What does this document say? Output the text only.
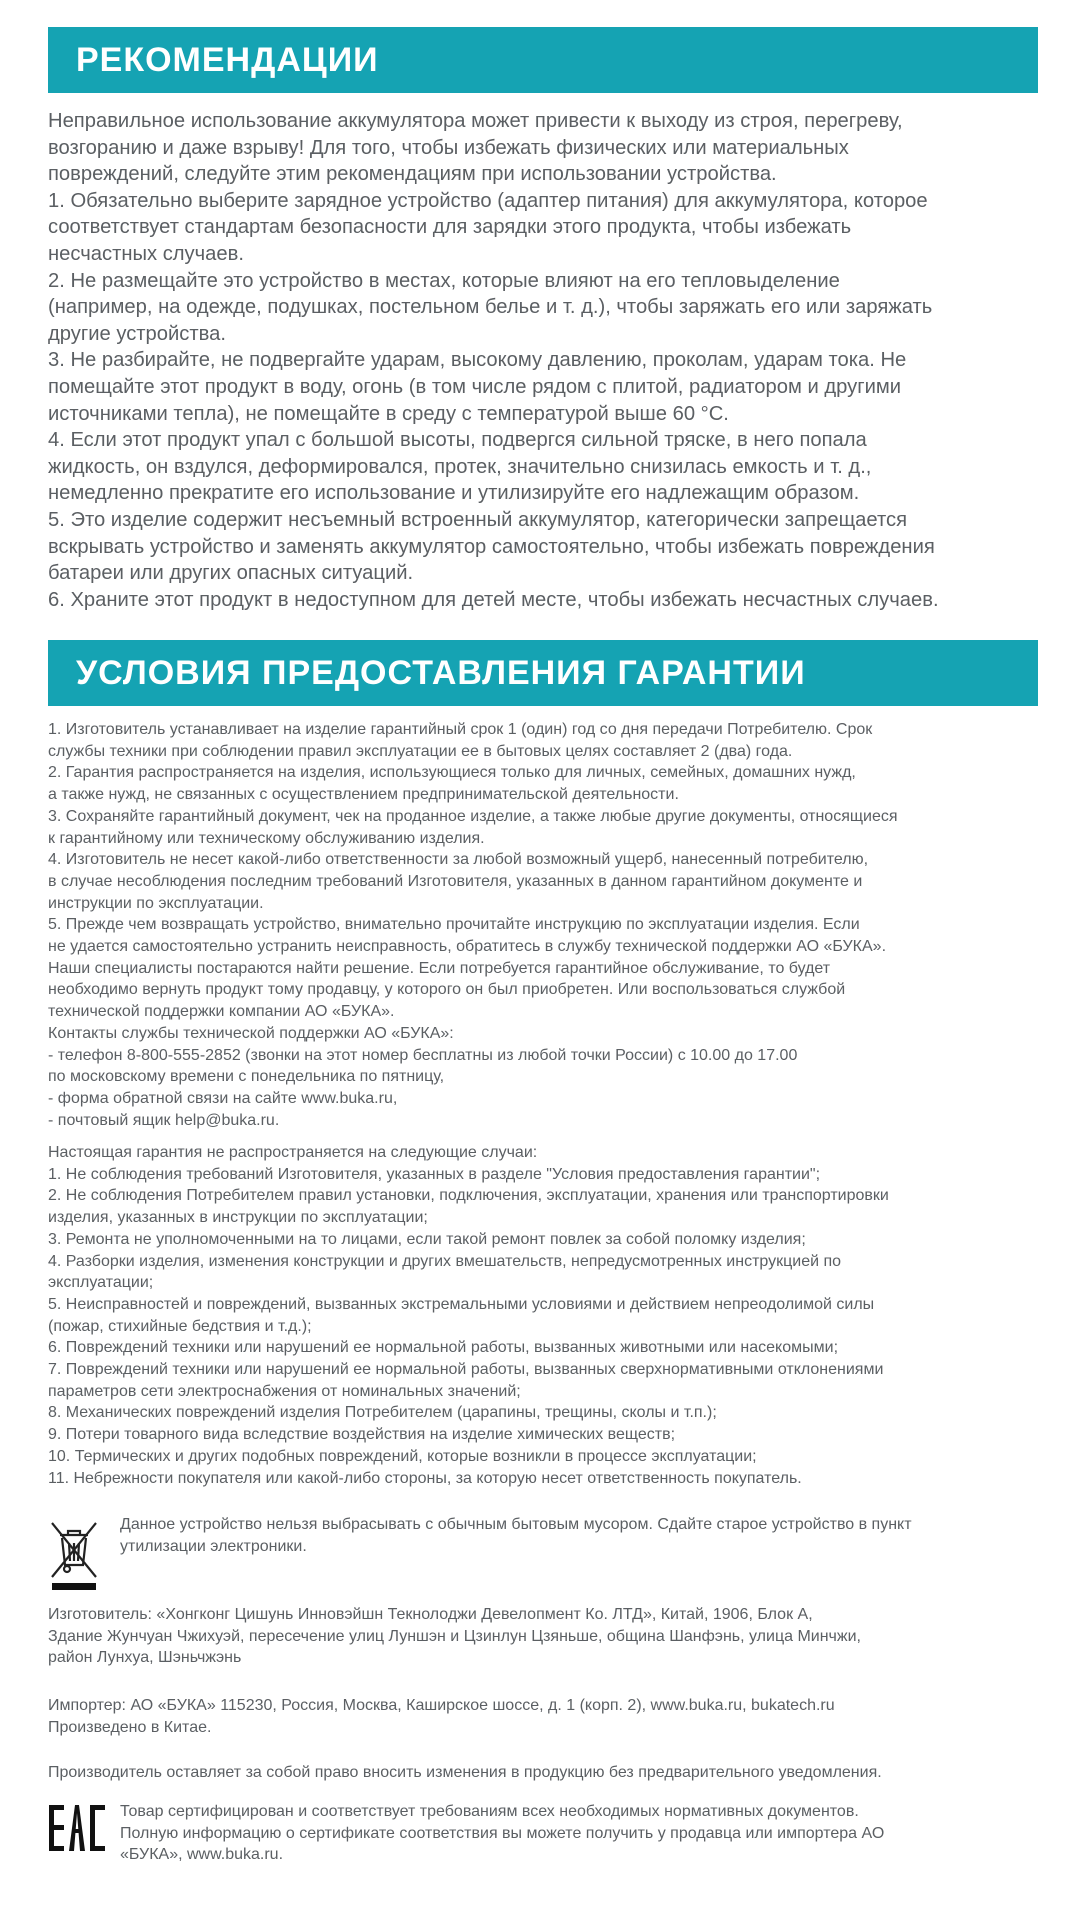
РЕКОМЕНДАЦИИ
Неправильное использование аккумулятора может привести к выходу из строя, перегреву,
возгоранию и даже взрыву! Для того, чтобы избежать физических или материальных
повреждений, следуйте этим рекомендациям при использовании устройства.
1. Обязательно выберите зарядное устройство (адаптер питания) для аккумулятора, которое
соответствует стандартам безопасности для зарядки этого продукта, чтобы избежать
несчастных случаев.
2. Не размещайте это устройство в местах, которые влияют на его тепловыделение
(например, на одежде, подушках, постельном белье и т. д.), чтобы заряжать его или заряжать
другие устройства.
3. Не разбирайте, не подвергайте ударам, высокому давлению, проколам, ударам тока. Не
помещайте этот продукт в воду, огонь (в том числе рядом с плитой, радиатором и другими
источниками тепла), не помещайте в среду с температурой выше 60 °С.
4. Если этот продукт упал с большой высоты, подвергся сильной тряске, в него попала
жидкость, он вздулся, деформировался, протек, значительно снизилась емкость и т. д.,
немедленно прекратите его использование и утилизируйте его надлежащим образом.
5. Это изделие содержит несъемный встроенный аккумулятор, категорически запрещается
вскрывать устройство и заменять аккумулятор самостоятельно, чтобы избежать повреждения
батареи или других опасных ситуаций.
6. Храните этот продукт в недоступном для детей месте, чтобы избежать несчастных случаев.
УСЛОВИЯ ПРЕДОСТАВЛЕНИЯ ГАРАНТИИ
1. Изготовитель устанавливает на изделие гарантийный срок 1 (один) год со дня передачи Потребителю. Срок
службы техники при соблюдении правил эксплуатации ее в бытовых целях составляет 2 (два) года.
2. Гарантия распространяется на изделия, использующиеся только для личных, семейных, домашних нужд,
а также нужд, не связанных с осуществлением предпринимательской деятельности.
3. Сохраняйте гарантийный документ, чек на проданное изделие, а также любые другие документы, относящиеся
к гарантийному или техническому обслуживанию изделия.
4. Изготовитель не несет какой-либо ответственности за любой возможный ущерб, нанесенный потребителю,
в случае несоблюдения последним требований Изготовителя, указанных в данном гарантийном документе и
инструкции по эксплуатации.
5. Прежде чем возвращать устройство, внимательно прочитайте инструкцию по эксплуатации изделия. Если
не удается самостоятельно устранить неисправность, обратитесь в службу технической поддержки АО «БУКА».
Наши специалисты постараются найти решение. Если потребуется гарантийное обслуживание, то будет
необходимо вернуть продукт тому продавцу, у которого он был приобретен. Или воспользоваться службой
технической поддержки компании АО «БУКА».
Контакты службы технической поддержки АО «БУКА»:
- телефон 8-800-555-2852 (звонки на этот номер бесплатны из любой точки России) с 10.00 до 17.00
по московскому времени с понедельника по пятницу,
- форма обратной связи на сайте www.buka.ru,
- почтовый ящик help@buka.ru.
Настоящая гарантия не распространяется на следующие случаи:
1. Не соблюдения требований Изготовителя, указанных в разделе "Условия предоставления гарантии";
2. Не соблюдения Потребителем правил установки, подключения, эксплуатации, хранения или транспортировки
изделия, указанных в инструкции по эксплуатации;
3. Ремонта не уполномоченными на то лицами, если такой ремонт повлек за собой поломку изделия;
4. Разборки изделия, изменения конструкции и других вмешательств, непредусмотренных инструкцией по
эксплуатации;
5. Неисправностей и повреждений, вызванных экстремальными условиями и действием непреодолимой силы
(пожар, стихийные бедствия и т.д.);
6. Повреждений техники или нарушений ее нормальной работы, вызванных животными или насекомыми;
7. Повреждений техники или нарушений ее нормальной работы, вызванных сверхнормативными отклонениями
параметров сети электроснабжения от номинальных значений;
8. Механических повреждений изделия Потребителем (царапины, трещины, сколы и т.п.);
9. Потери товарного вида вследствие воздействия на изделие химических веществ;
10. Термических и других подобных повреждений, которые возникли в процессе эксплуатации;
11. Небрежности покупателя или какой-либо стороны, за которую несет ответственность покупатель.
Данное устройство нельзя выбрасывать с обычным бытовым мусором. Сдайте старое устройство в пункт
утилизации электроники.
Изготовитель: «Хонгконг Цишунь Инновэйшн Текнолоджи Девелопмент Ко. ЛТД», Китай, 1906, Блок А,
Здание Жунчуан Чжихуэй, пересечение улиц Луншэн и Цзинлун Цзяньше, община Шанфэнь, улица Минчжи,
район Лунхуа, Шэньчжэнь
Импортер: АО «БУКА» 115230, Россия, Москва, Каширское шоссе, д. 1 (корп. 2), www.buka.ru, bukatech.ru
Произведено в Китае.
Производитель оставляет за собой право вносить изменения в продукцию без предварительного уведомления.
Товар сертифицирован и соответствует требованиям всех необходимых нормативных документов.
Полную информацию о сертификате соответствия вы можете получить у продавца или импортера АО
«БУКА», www.buka.ru.
